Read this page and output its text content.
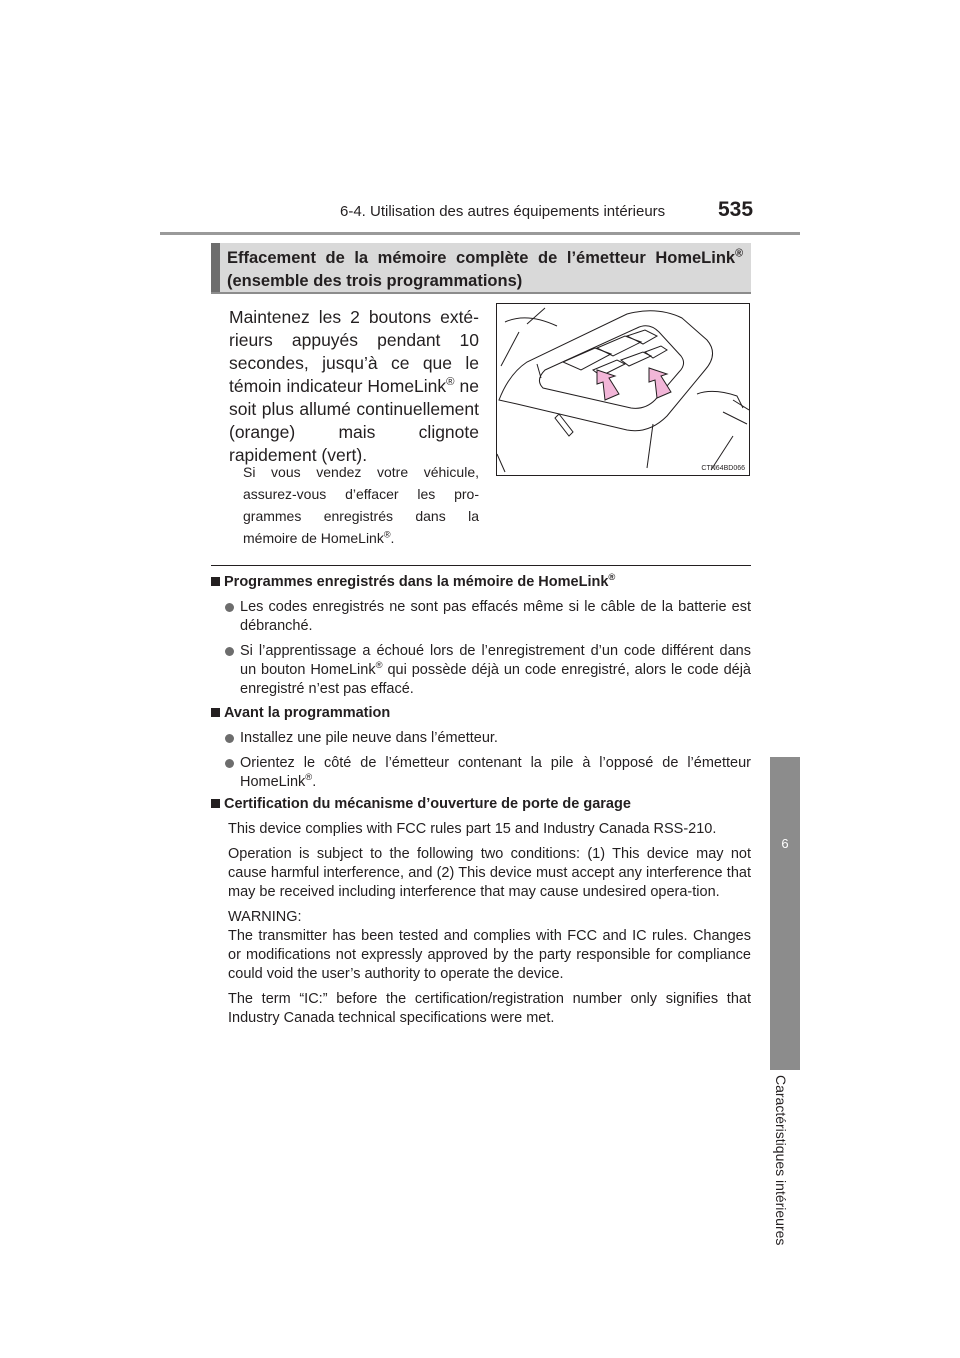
6-4. Utilisation des autres équipements intérieurs	535
6
Caractéristiques intérieures
Effacement de la mémoire complète de l’émetteur HomeLink®
(ensemble des trois programmations)
Maintenez les 2 boutons exté-rieurs appuyés pendant 10 secondes, jusqu’à ce que le témoin indicateur HomeLink® ne soit plus allumé continuellement (orange) mais clignote rapidement (vert).
Si vous vendez votre véhicule, assurez-vous d’effacer les pro-grammes enregistrés dans la mémoire de HomeLink®.
CTN64BD066
Programmes enregistrés dans la mémoire de HomeLink®
Les codes enregistrés ne sont pas effacés même si le câble de la batterie est débranché.
Si l’apprentissage a échoué lors de l’enregistrement d’un code différent dans un bouton HomeLink® qui possède déjà un code enregistré, alors le code déjà enregistré n’est pas effacé.
Avant la programmation
Installez une pile neuve dans l’émetteur.
Orientez le côté de l’émetteur contenant la pile à l’opposé de l’émetteur HomeLink®.
Certification du mécanisme d’ouverture de porte de garage
This device complies with FCC rules part 15 and Industry Canada RSS-210.
Operation is subject to the following two conditions: (1) This device may not cause harmful interference, and (2) This device must accept any interference that may be received including interference that may cause undesired opera-tion.
WARNING:
The transmitter has been tested and complies with FCC and IC rules. Changes or modifications not expressly approved by the party responsible for compliance could void the user’s authority to operate the device.
The term “IC:” before the certification/registration number only signifies that Industry Canada technical specifications were met.
